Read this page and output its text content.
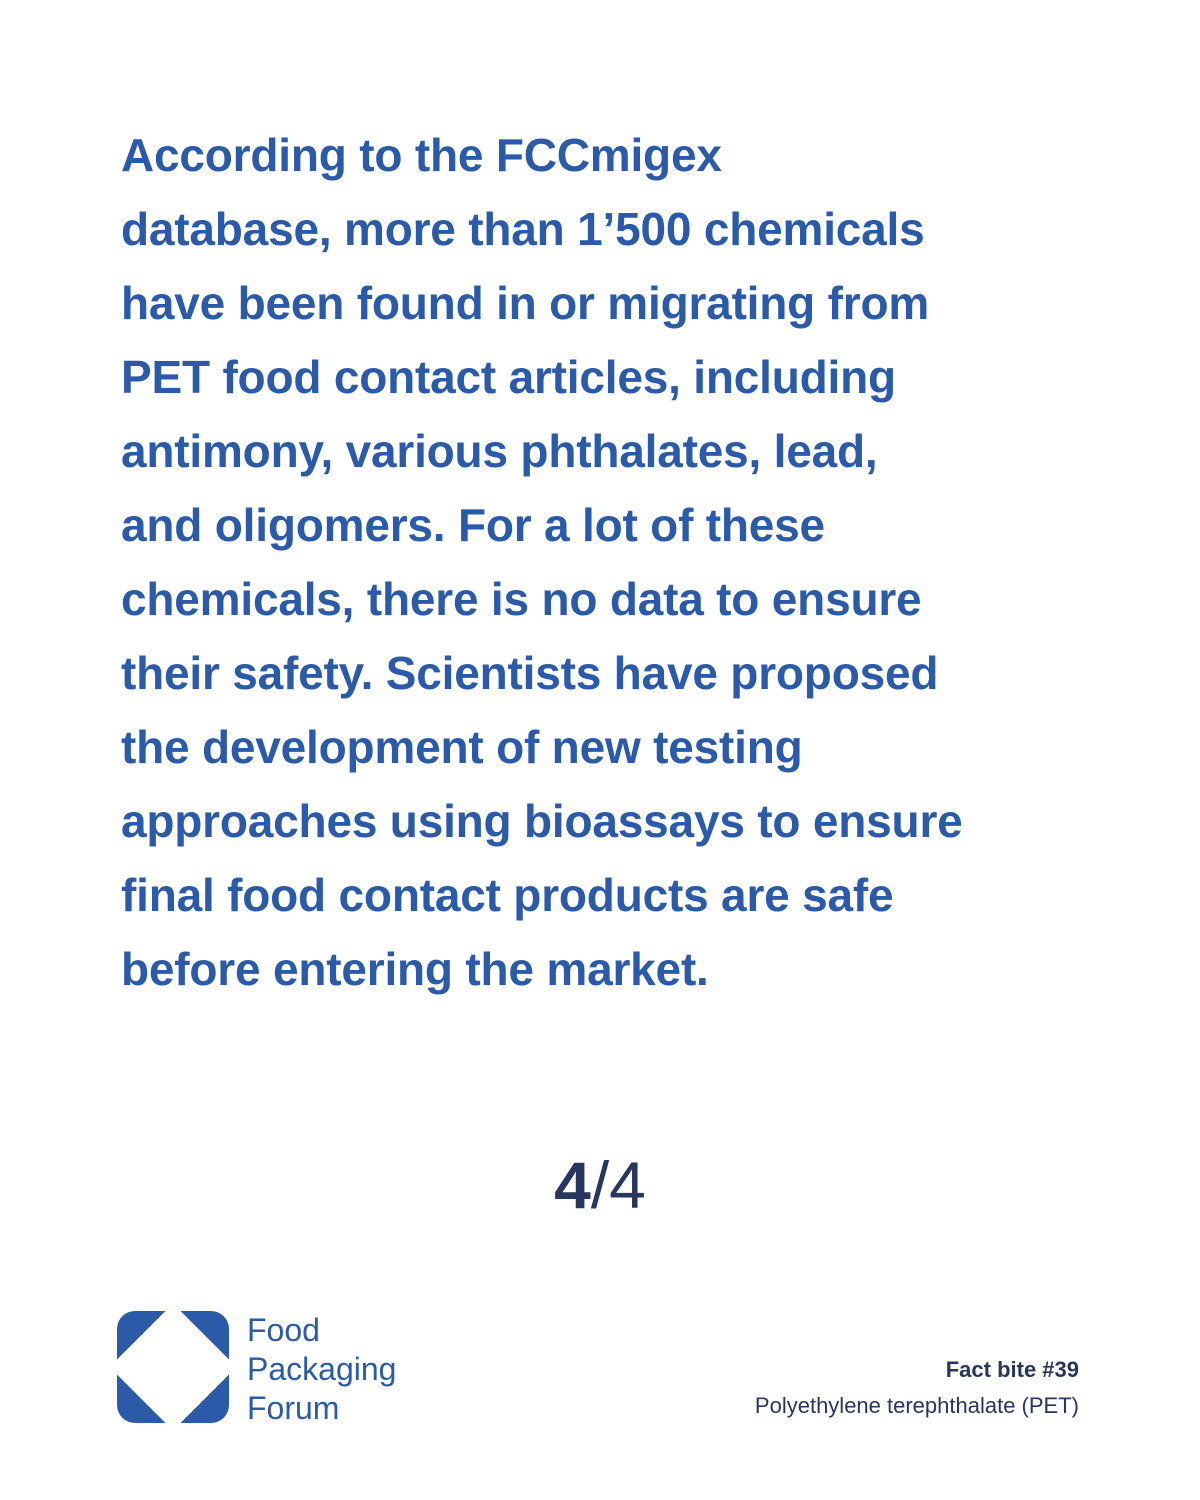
According to the FCCmigex
database, more than 1’500 chemicals
have been found in or migrating from
PET food contact articles, including
antimony, various phthalates, lead,
and oligomers. For a lot of these
chemicals, there is no data to ensure
their safety. Scientists have proposed
the development of new testing
approaches using bioassays to ensure
final food contact products are safe
before entering the market.

4/4
Food
Packaging
Forum
Fact bite #39
Polyethylene terephthalate (PET)
